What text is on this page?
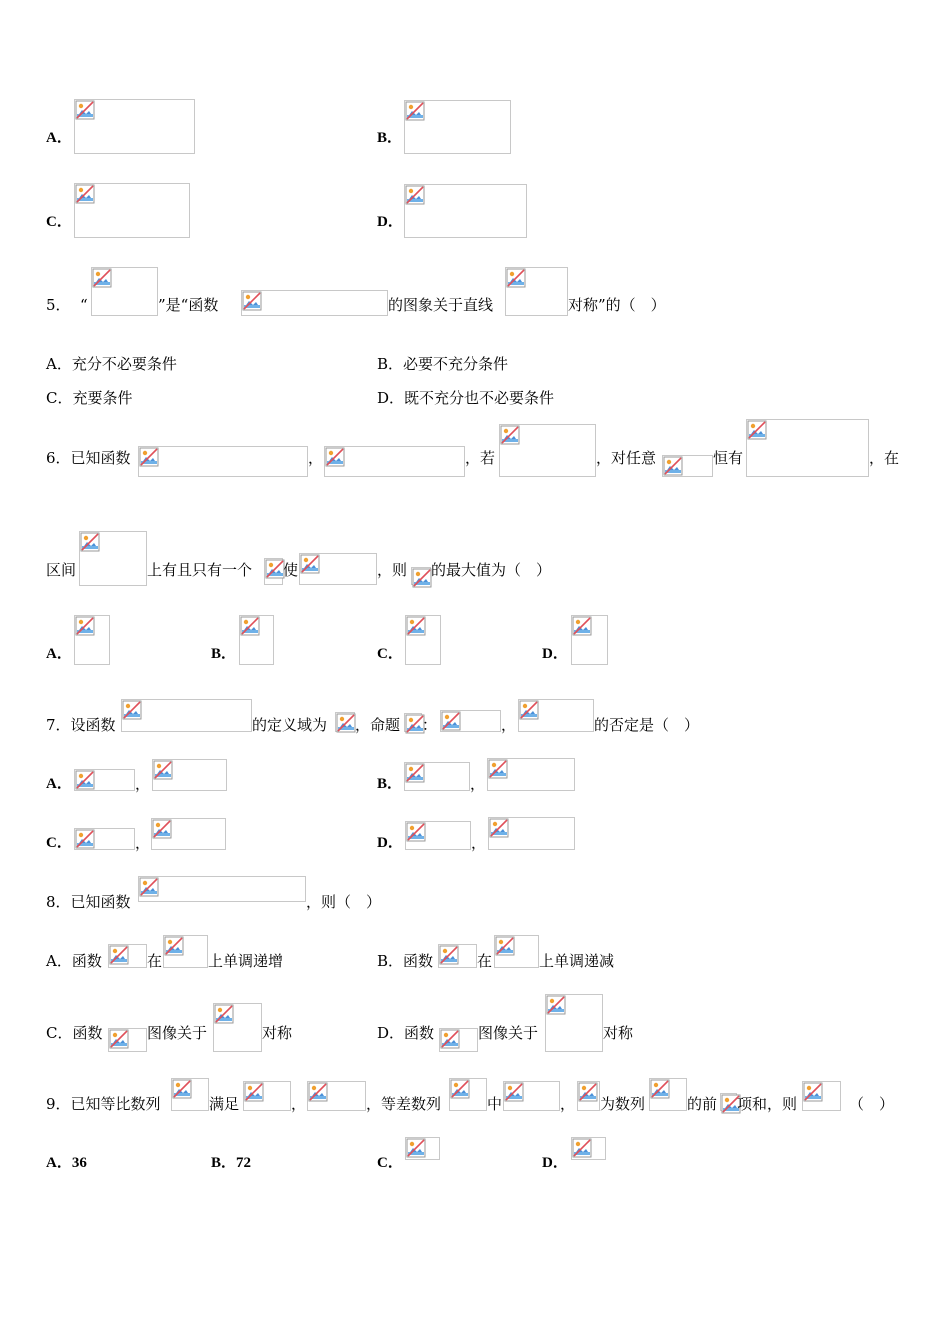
A．	B．
C．	D．
5． “	”是“函数	的图象关于直线	对称”的（　）
A．充分不必要条件	B．必要不充分条件
C．充要条件	D．既不充分也不必要条件
6．已知函数	，	，若	，对任意	恒有	，在
区间	上有且只有一个 使	，则 的最大值为（　）
A．	B．	C．	D．
7．设函数	的定义域为 ，命题 ：	，	的否定是（　）
A．	，	B．	，
C．	，	D．	，
8．已知函数	，则（　）
A．函数	在	上单调递增	B．函数	在	上单调递减
C．函数	图像关于	对称	D．函数	图像关于	对称
9．已知等比数列	满足	，	，等差数列	中	， 为数列	的前 项和，则	（　）
A．36	B．72	C．	D．
